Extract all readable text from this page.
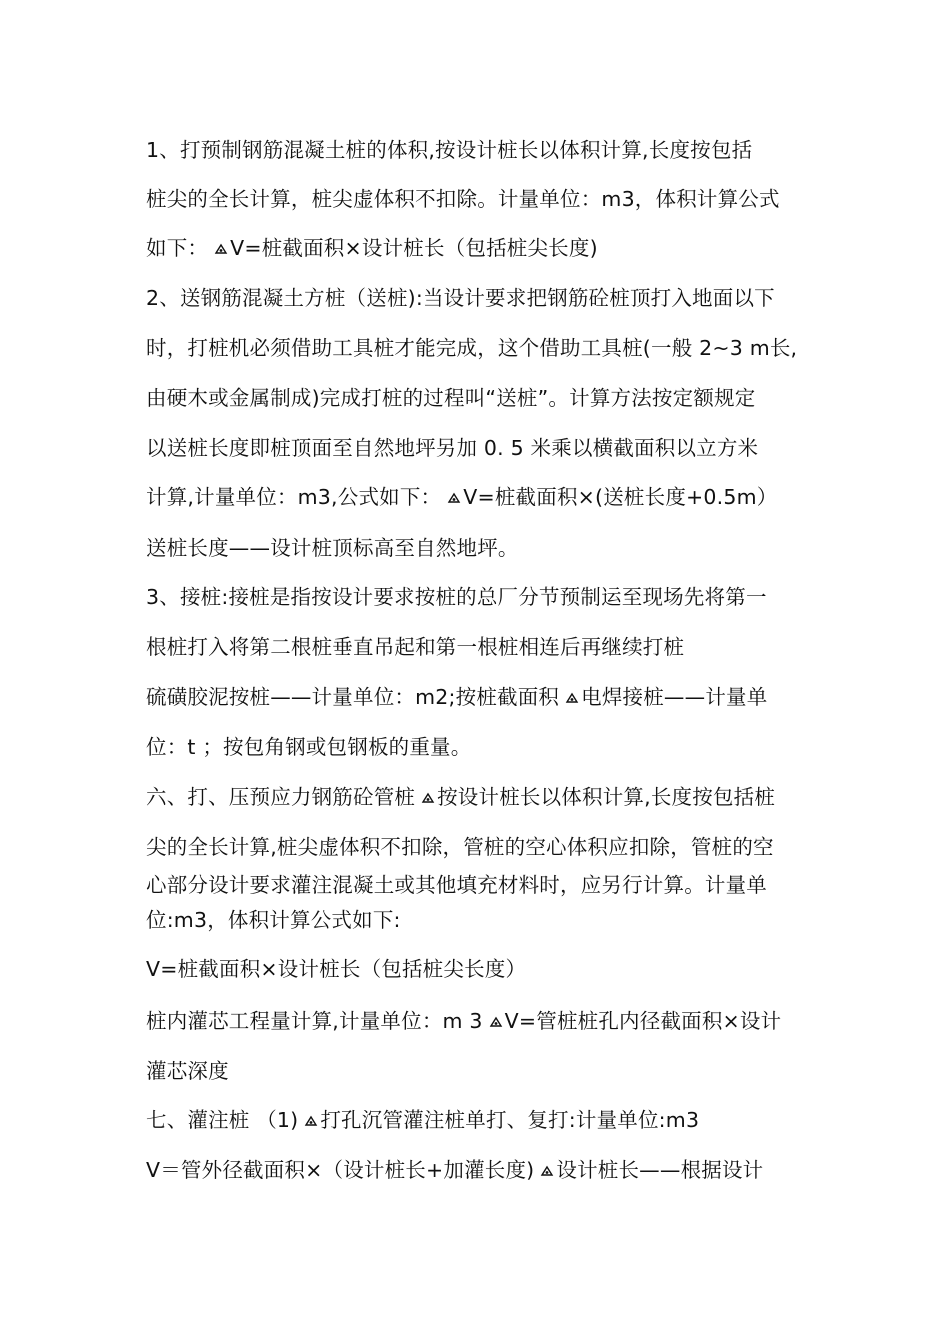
1、打预制钢筋混凝土桩的体积,按设计桩长以体积计算,长度按包括
桩尖的全长计算，桩尖虚体积不扣除。计量单位：m3，体积计算公式
如下： V=桩截面积×设计桩长（包括桩尖长度)
2、送钢筋混凝土方桩（送桩):当设计要求把钢筋砼桩顶打入地面以下
时，打桩机必须借助工具桩才能完成，这个借助工具桩(一般 2~3 m长,
由硬木或金属制成)完成打桩的过程叫“送桩”。计算方法按定额规定
以送桩长度即桩顶面至自然地坪另加 0. 5 米乘以横截面积以立方米
计算,计量单位：m3,公式如下： V=桩截面积×(送桩长度+0.5m）
送桩长度——设计桩顶标高至自然地坪。
3、接桩:接桩是指按设计要求按桩的总厂分节预制运至现场先将第一
根桩打入将第二根桩垂直吊起和第一根桩相连后再继续打桩
硫磺胶泥按桩——计量单位：m2;按桩截面积 电焊接桩——计量单
位：t ；按包角钢或包钢板的重量。
六、打、压预应力钢筋砼管桩 按设计桩长以体积计算,长度按包括桩
尖的全长计算,桩尖虚体积不扣除，管桩的空心体积应扣除，管桩的空
心部分设计要求灌注混凝土或其他填充材料时，应另行计算。计量单
位:m3，体积计算公式如下:
V=桩截面积×设计桩长（包括桩尖长度）
桩内灌芯工程量计算,计量单位：m 3 V=管桩桩孔内径截面积×设计
灌芯深度
七、灌注桩 （1) 打孔沉管灌注桩单打、复打:计量单位:m3
V＝管外径截面积×（设计桩长+加灌长度) 设计桩长——根据设计
